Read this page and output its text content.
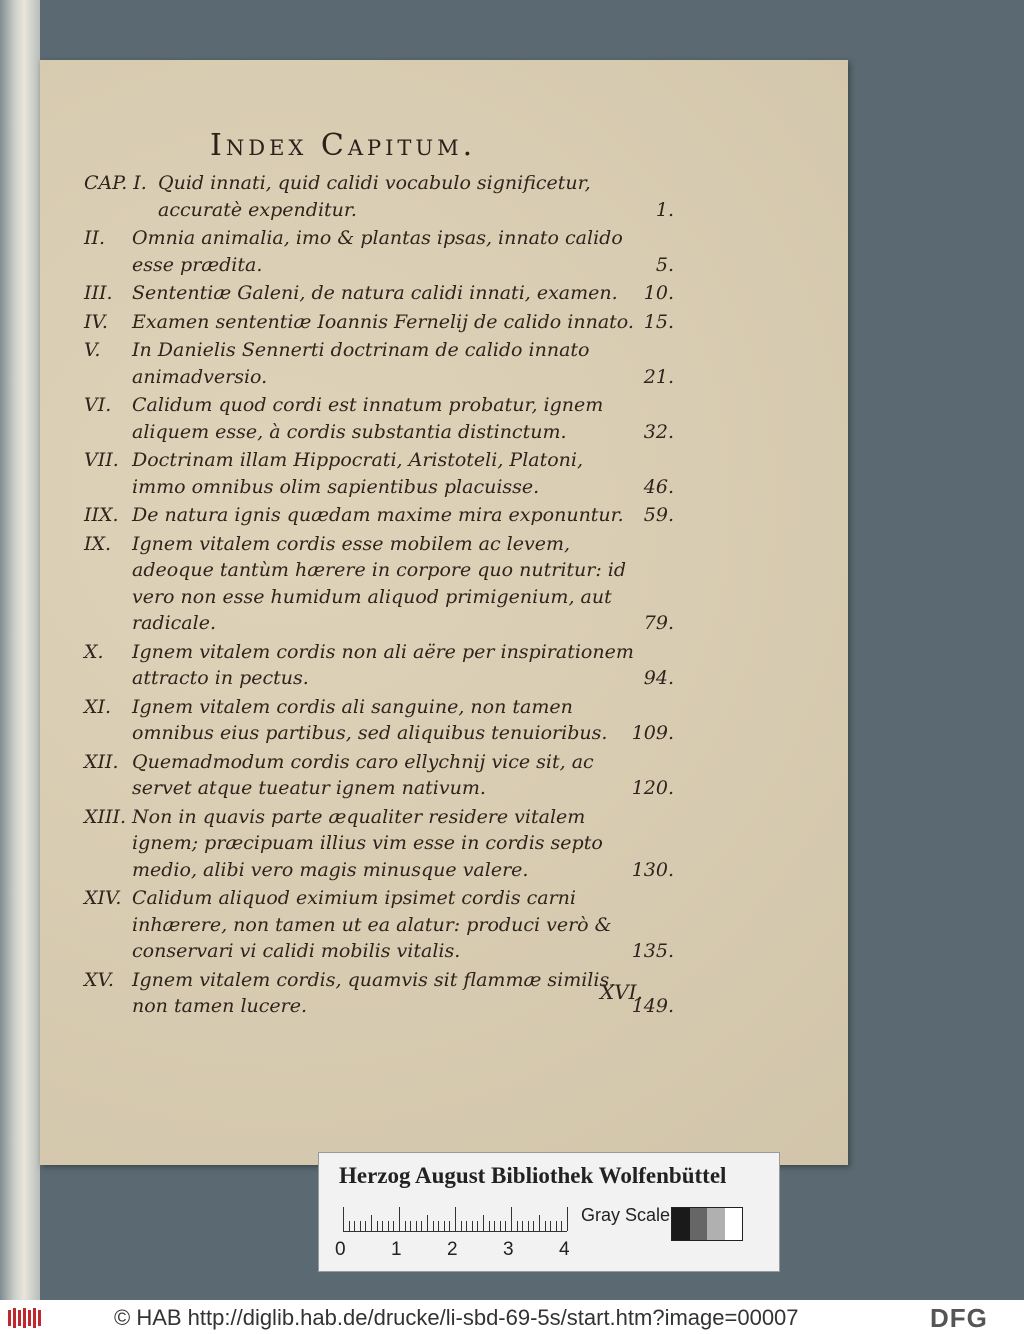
Index Capitum.
CAP. I. Quid innati, quid calidi vocabulo significetur, accuratè expenditur.	1.
II.	Omnia animalia, imo & plantas ipsas, innato calido esse prædita.	5.
III.	Sententiæ Galeni, de natura calidi innati, examen.	10.
IV.	Examen sententiæ Ioannis Fernelij de calido innato. 15.
V.	In Danielis Sennerti doctrinam de calido innato animadversio.	21.
VI.	Calidum quod cordi est innatum probatur, ignem aliquem esse, à cordis substantia distinctum.	32.
VII. Doctrinam illam Hippocrati, Aristoteli, Platoni, immo omnibus olim sapientibus placuisse.	46.
IIX. De natura ignis quædam maxime mira exponuntur.	59.
IX.	Ignem vitalem cordis esse mobilem ac levem, adeoque tantùm hærere in corpore quo nutritur: id vero non esse humidum aliquod primigenium, aut radicale.	79.
X.	Ignem vitalem cordis non ali aëre per inspirationem attracto in pectus.	94.
XI.	Ignem vitalem cordis ali sanguine, non tamen omnibus eius partibus, sed aliquibus tenuioribus.	109.
XII. Quemadmodum cordis caro ellychnij vice sit, ac servet atque tueatur ignem nativum.	120.
XIII. Non in quavis parte æqualiter residere vitalem ignem; præcipuam illius vim esse in cordis septo medio, alibi vero magis minusque valere.	130.
XIV. Calidum aliquod eximium ipsimet cordis carni inhærere, non tamen ut ea alatur: produci verò & conservari vi calidi mobilis vitalis.	135.
XV. Ignem vitalem cordis, quamvis sit flammæ similis, non tamen lucere.	149.
XVI.
Herzog August Bibliothek Wolfenbüttel
0 1 2 3 4
Gray Scale
© HAB http://diglib.hab.de/drucke/li-sbd-69-5s/start.htm?image=00007	DFG
